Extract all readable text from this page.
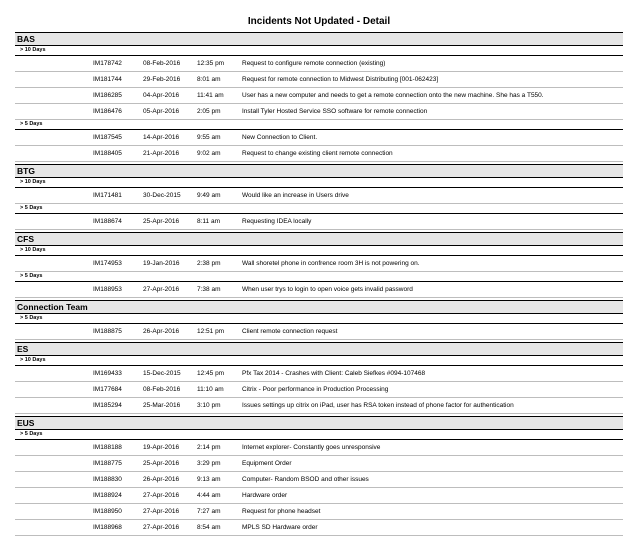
Incidents Not Updated - Detail
BAS
> 10 Days
IM178742	08-Feb-2016	12:35 pm	Request to configure remote connection (existing)
IM181744	29-Feb-2016	8:01 am	Request for remote connection to Midwest Distributing [001-062423]
IM186285	04-Apr-2016	11:41 am	User has a new computer and needs to get a remote connection onto the new machine. She has a T550.
IM186476	05-Apr-2016	2:05 pm	Install Tyler Hosted Service SSO software for remote connection
> 5 Days
IM187545	14-Apr-2016	9:55 am	New Connection to Client.
IM188405	21-Apr-2016	9:02 am	Request to change existing client remote connection
BTG
> 10 Days
IM171481	30-Dec-2015	9:49 am	Would like an increase in Users drive
> 5 Days
IM188674	25-Apr-2016	8:11 am	Requesting IDEA locally
CFS
> 10 Days
IM174953	19-Jan-2016	2:38 pm	Wall shoretel phone in confrence room 3H is not powering on.
> 5 Days
IM188953	27-Apr-2016	7:38 am	When user trys to login to open voice gets invalid password
Connection Team
> 5 Days
IM188875	26-Apr-2016	12:51 pm	Client remote connection request
ES
> 10 Days
IM169433	15-Dec-2015	12:45 pm	Pfx Tax 2014 - Crashes with Client: Caleb Siefkes #094-107468
IM177684	08-Feb-2016	11:10 am	Citrix - Poor performance in Production Processing
IM185294	25-Mar-2016	3:10 pm	Issues settings up citrix on iPad, user has RSA token instead of phone factor for authentication
EUS
> 5 Days
IM188188	19-Apr-2016	2:14 pm	Internet explorer- Constantly goes unresponsive
IM188775	25-Apr-2016	3:29 pm	Equipment Order
IM188830	26-Apr-2016	9:13 am	Computer- Random BSOD and other issues
IM188924	27-Apr-2016	4:44 am	Hardware order
IM188950	27-Apr-2016	7:27 am	Request for phone headset
IM188968	27-Apr-2016	8:54 am	MPLS SD Hardware order
